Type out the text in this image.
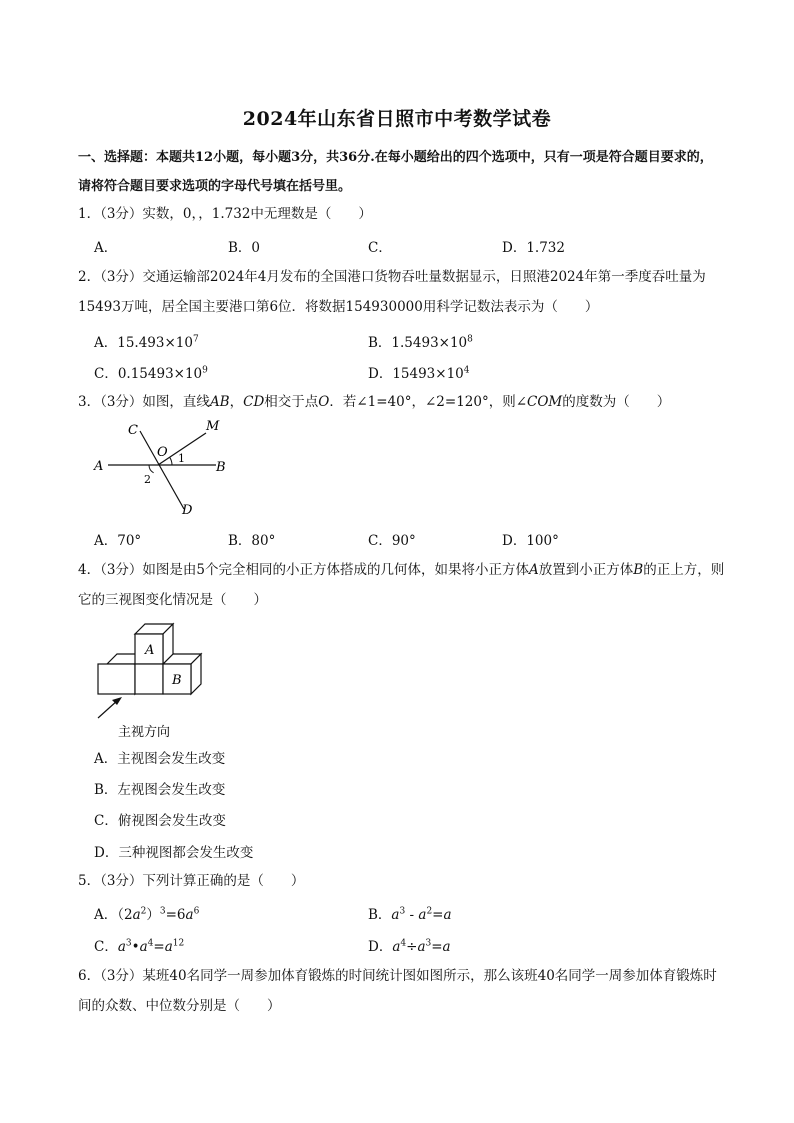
2024年山东省日照市中考数学试卷
一、选择题：本题共12小题，每小题3分，共36分.在每小题给出的四个选项中，只有一项是符合题目要求的，请将符合题目要求选项的字母代号填在括号里。
1．（3分）实数，0，，1.732中无理数是（　　）
A．	B．0	C．	D．1.732
2．（3分）交通运输部2024年4月发布的全国港口货物吞吐量数据显示，日照港2024年第一季度吞吐量为15493万吨，居全国主要港口第6位．将数据154930000用科学记数法表示为（　　）
A．$15.493\times 10^7$	B．$1.5493\times 10^8$
C．$0.15493\times 10^9$	D．$15493\times 10^4$
3．（3分）如图，直线AB，CD相交于点O．若∠1=40°，∠2=120°，则∠COM的度数为（　　）
A	B
C
D
M
O 1
2
A．70°	B．80°	C．90°	D．100°
4．（3分）如图是由5个完全相同的小正方体搭成的几何体，如果将小正方体A放置到小正方体B的正上方，则它的三视图变化情况是（　　）
A
B
主视方向
A．主视图会发生改变
B．左视图会发生改变
C．俯视图会发生改变
D．三种视图都会发生改变
5．（3分）下列计算正确的是（　　）
A．$(2a^2)^3=6a^6$	B．$a^3 - a^2=a$
C．$a^3•a^4=a^{12}$	D．$a^4\div a^3=a$
6．（3分）某班40名同学一周参加体育锻炼的时间统计图如图所示，那么该班40名同学一周参加体育锻炼时间的众数、中位数分别是（　　）
